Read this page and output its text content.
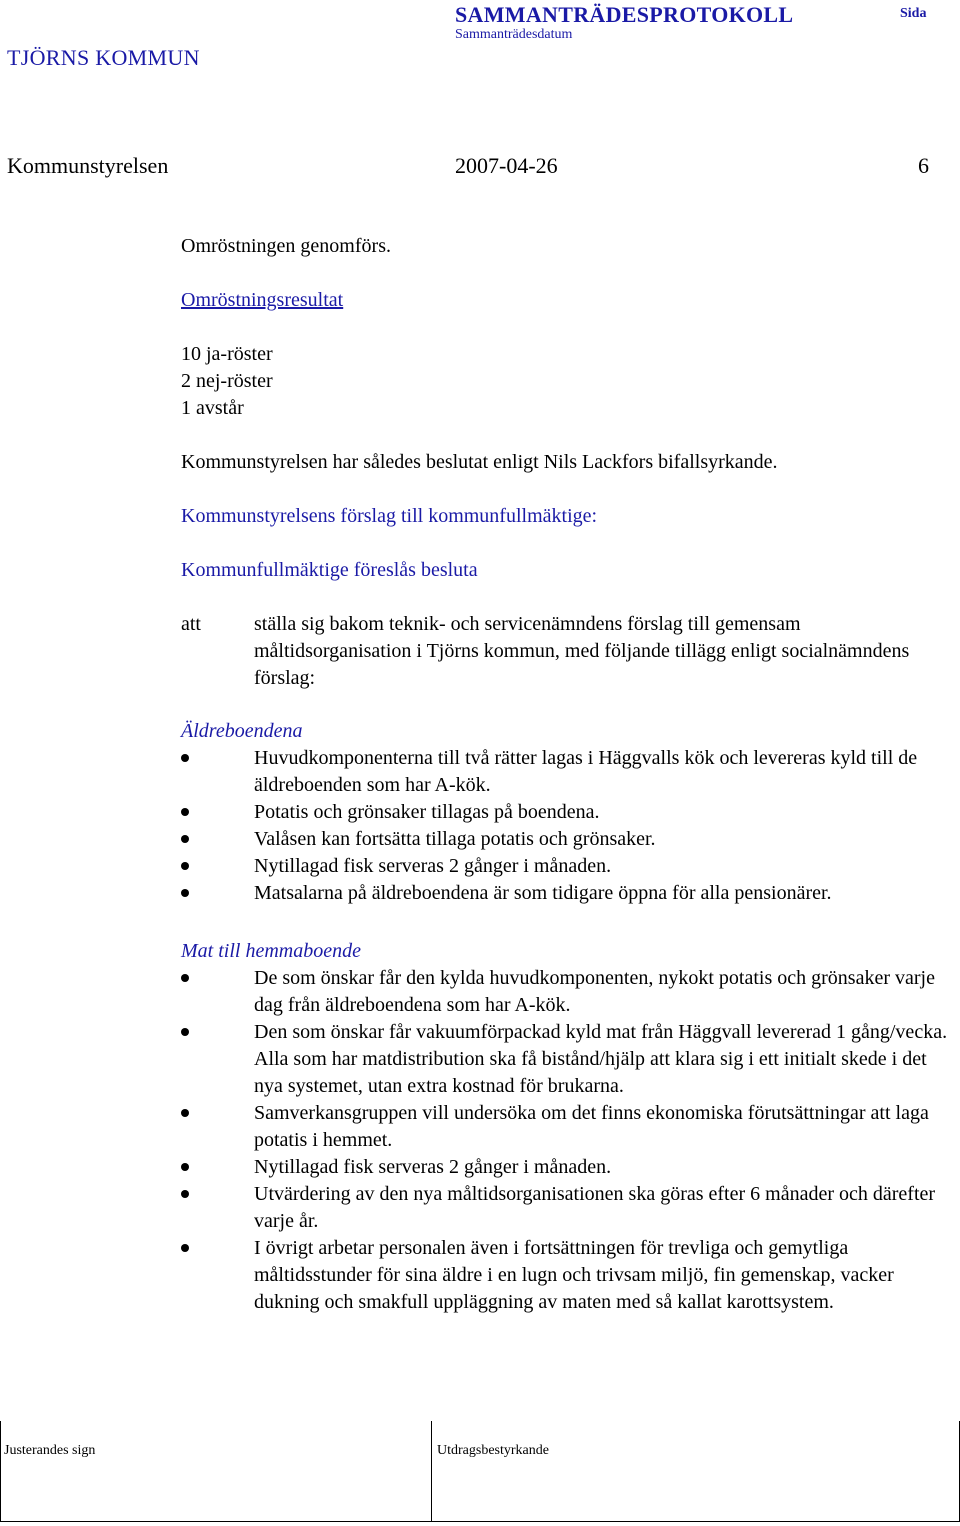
SAMMANTRÄDESPROTOKOLL
Sammanträdesdatum
Sida
TJÖRNS KOMMUN
Kommunstyrelsen	2007-04-26	6
Omröstningen genomförs.
Omröstningsresultat
10 ja-röster
2 nej-röster
1 avstår
Kommunstyrelsen har således beslutat enligt Nils Lackfors bifallsyrkande.
Kommunstyrelsens förslag till kommunfullmäktige:
Kommunfullmäktige föreslås besluta
att	ställa sig bakom teknik- och servicenämndens förslag till gemensam måltidsorganisation i Tjörns kommun, med följande tillägg enligt socialnämndens förslag:
Äldreboendena
Huvudkomponenterna till två rätter lagas i Häggvalls kök och levereras kyld till de äldreboenden som har A-kök.
Potatis och grönsaker tillagas på boendena.
Valåsen kan fortsätta tillaga potatis och grönsaker.
Nytillagad fisk serveras 2 gånger i månaden.
Matsalarna på äldreboendena är som tidigare öppna för alla pensionärer.
Mat till hemmaboende
De som önskar får den kylda huvudkomponenten, nykokt potatis och grönsaker varje dag från äldreboendena som har A-kök.
Den som önskar får vakuumförpackad kyld mat från Häggvall levererad 1 gång/vecka. Alla som har matdistribution ska få bistånd/hjälp att klara sig i ett initialt skede i det nya systemet, utan extra kostnad för brukarna.
Samverkansgruppen vill undersöka om det finns ekonomiska förutsättningar att laga potatis i hemmet.
Nytillagad fisk serveras 2 gånger i månaden.
Utvärdering av den nya måltidsorganisationen ska göras efter 6 månader och därefter varje år.
I övrigt arbetar personalen även i fortsättningen för trevliga och gemytliga måltidsstunder för sina äldre i en lugn och trivsam miljö, fin gemenskap, vacker dukning och smakfull uppläggning av maten med så kallat karottsystem.
Justerandes sign	Utdragsbestyrkande
